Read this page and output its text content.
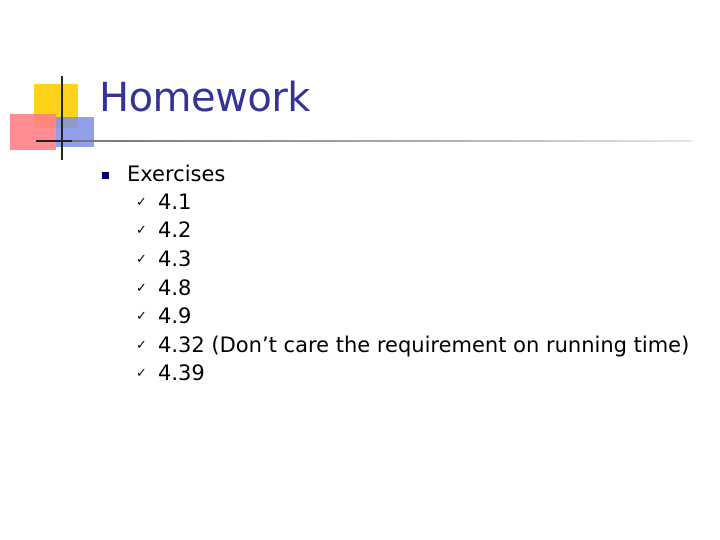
Homework
Exercises
✓ 4.1
✓ 4.2
✓ 4.3
✓ 4.8
✓ 4.9
✓ 4.32 (Don’t care the requirement on running time)
✓ 4.39
